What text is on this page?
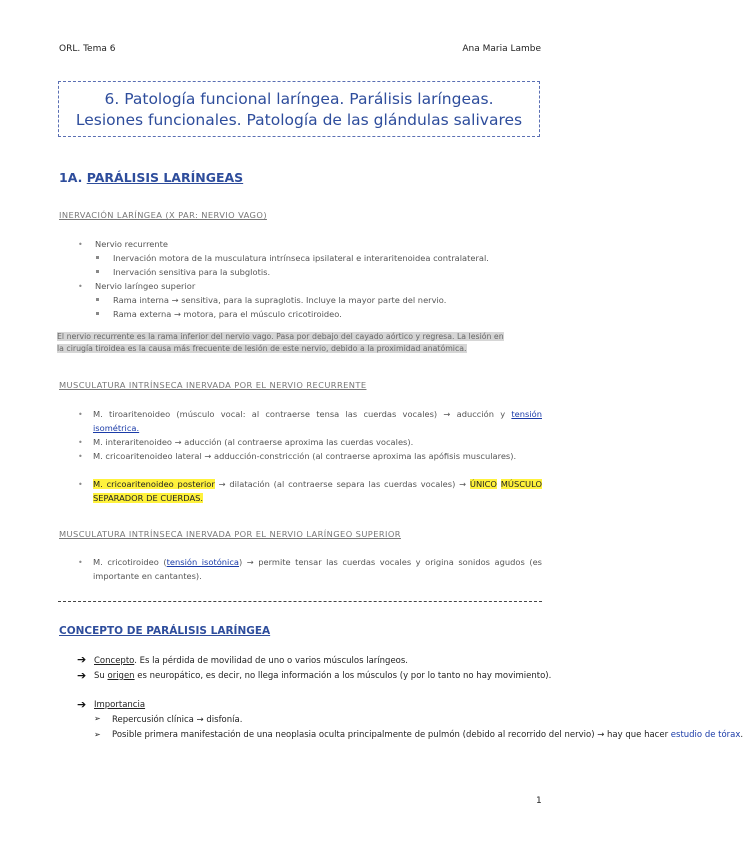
ORL. Tema 6	Ana Maria Lambe
6. Patología funcional laríngea. Parálisis laríngeas.
Lesiones funcionales. Patología de las glándulas salivares
1A. PARÁLISIS LARÍNGEAS
INERVACIÓN LARÍNGEA (X PAR: NERVIO VAGO)
• Nervio recurrente
Inervación motora de la musculatura intrínseca ipsilateral e interaritenoidea contralateral.
Inervación sensitiva para la subglotis.
• Nervio laríngeo superior
Rama interna → sensitiva, para la supraglotis. Incluye la mayor parte del nervio.
Rama externa → motora, para el músculo cricotiroideo.
El nervio recurrente es la rama inferior del nervio vago. Pasa por debajo del cayado aórtico y regresa. La lesión en
la cirugía tiroidea es la causa más frecuente de lesión de este nervio, debido a la proximidad anatómica.
MUSCULATURA INTRÍNSECA INERVADA POR EL NERVIO RECURRENTE
• M. tiroaritenoideo (músculo vocal: al contraerse tensa las cuerdas vocales) → aducción y tensión isométrica.
• M. interaritenoideo → aducción (al contraerse aproxima las cuerdas vocales).
• M. cricoaritenoideo lateral → adducción-constricción (al contraerse aproxima las apófisis musculares).
• M. cricoaritenoideo posterior → dilatación (al contraerse separa las cuerdas vocales) → ÚNICO MÚSCULO SEPARADOR DE CUERDAS.
MUSCULATURA INTRÍNSECA INERVADA POR EL NERVIO LARÍNGEO SUPERIOR
• M. cricotiroideo (tensión isotónica) → permite tensar las cuerdas vocales y origina sonidos agudos (es importante en cantantes).
CONCEPTO DE PARÁLISIS LARÍNGEA
➔ Concepto. Es la pérdida de movilidad de uno o varios músculos laríngeos.
➔ Su origen es neuropático, es decir, no llega información a los músculos (y por lo tanto no hay movimiento).
➔ Importancia
➢ Repercusión clínica → disfonía.
➢ Posible primera manifestación de una neoplasia oculta principalmente de pulmón (debido al recorrido del nervio) → hay que hacer estudio de tórax.
1
